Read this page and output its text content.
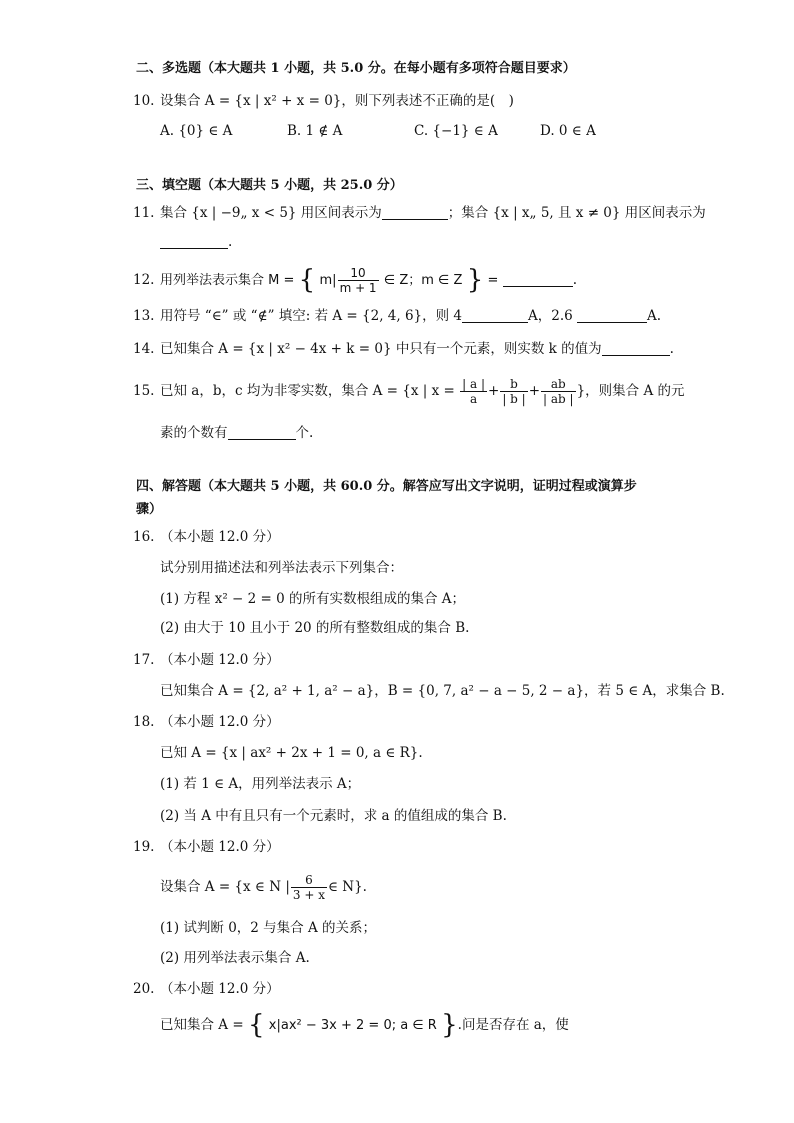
二、多选题（本大题共 1 小题，共 5.0 分。在每小题有多项符合题目要求）
10. 设集合 A = {x | x² + x = 0}，则下列表述不正确的是(　)
A. {0} ∈ A	B. 1 ∉ A	C. {−1} ∈ A	D. 0 ∈ A
三、填空题（本大题共 5 小题，共 25.0 分）
11. 集合 {x | −9„ x < 5} 用区间表示为	；集合 {x | x„ 5, 且 x ≠ 0} 用区间表示为
.
12. 用列举法表示集合 M = { $m| \frac{10}{m + 1}$ ∈ Z；m ∈ Z } =	.
13. 用符号 “∈” 或 “∉” 填空: 若 A = {2, 4, 6}，则 4	A，2.6	A.
14. 已知集合 A = {x | x² − 4x + k = 0} 中只有一个元素，则实数 k 的值为	.
15. 已知 a，b，c 均为非零实数，集合 A = {x | $x = \frac{| a |}{a} + \frac{b}{| b |} + \frac{ab}{| ab |}$ }，则集合 A 的元
素的个数有	个.
四、解答题（本大题共 5 小题，共 60.0 分。解答应写出文字说明，证明过程或演算步
骤）
16. （本小题 12.0 分）
试分别用描述法和列举法表示下列集合：
(1) 方程 x² − 2 = 0 的所有实数根组成的集合 A；
(2) 由大于 10 且小于 20 的所有整数组成的集合 B.
17. （本小题 12.0 分）
已知集合 A = {2, a² + 1, a² − a}，B = {0, 7, a² − a − 5, 2 − a}，若 5 ∈ A，求集合 B.
18. （本小题 12.0 分）
已知 A = {x | ax² + 2x + 1 = 0, a ∈ R}.
(1) 若 1 ∈ A，用列举法表示 A；
(2) 当 A 中有且只有一个元素时，求 a 的值组成的集合 B.
19. （本小题 12.0 分）
设集合 A = {x ∈ N | $\frac{6}{3 + x}$ ∈ N}.
(1) 试判断 0，2 与集合 A 的关系；
(2) 用列举法表示集合 A.
20. （本小题 12.0 分）
已知集合 A = { x|ax² − 3x + 2 = 0; a ∈ R }.问是否存在 a，使
